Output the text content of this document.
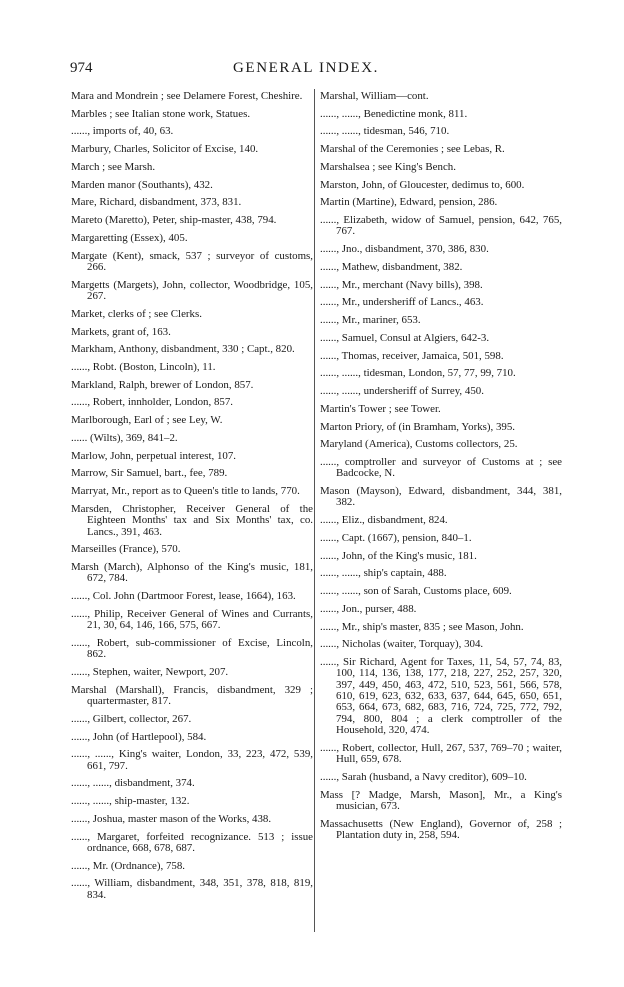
974	GENERAL INDEX.

Mara and Mondrein ; see Delamere Forest, Cheshire.

Marbles ; see Italian stone work, Statues.

......, imports of, 40, 63.

Marbury, Charles, Solicitor of Excise, 140.

March ; see Marsh.

Marden manor (Southants), 432.

Mare, Richard, disbandment, 373, 831.

Mareto (Maretto), Peter, ship-master, 438, 794.

Margaretting (Essex), 405.

Margate (Kent), smack, 537 ; surveyor of customs, 266.

Margetts (Margets), John, collector, Woodbridge, 105, 267.

Market, clerks of ; see Clerks.

Markets, grant of, 163.

Markham, Anthony, disbandment, 330 ; Capt., 820.

......, Robt. (Boston, Lincoln), 11.

Markland, Ralph, brewer of London, 857.

......, Robert, innholder, London, 857.

Marlborough, Earl of ; see Ley, W.

...... (Wilts), 369, 841–2.

Marlow, John, perpetual interest, 107.

Marrow, Sir Samuel, bart., fee, 789.

Marryat, Mr., report as to Queen's title to lands, 770.

Marsden, Christopher, Receiver General of the Eighteen Months' tax and Six Months' tax, co. Lancs., 391, 463.

Marseilles (France), 570.

Marsh (March), Alphonso of the King's music, 181, 672, 784.

......, Col. John (Dartmoor Forest, lease, 1664), 163.

......, Philip, Receiver General of Wines and Currants, 21, 30, 64, 146, 166, 575, 667.

......, Robert, sub-commissioner of Excise, Lincoln, 862.

......, Stephen, waiter, Newport, 207.

Marshal (Marshall), Francis, disbandment, 329 ; quartermaster, 817.

......, Gilbert, collector, 267.

......, John (of Hartlepool), 584.

......, ......, King's waiter, London, 33, 223, 472, 539, 661, 797.

......, ......, disbandment, 374.

......, ......, ship-master, 132.

......, Joshua, master mason of the Works, 438.

......, Margaret, forfeited recognizance. 513 ; issue ordnance, 668, 678, 687.

......, Mr. (Ordnance), 758.

......, William, disbandment, 348, 351, 378, 818, 819, 834.

Marshal, William—cont.

......, ......, Benedictine monk, 811.

......, ......, tidesman, 546, 710.

Marshal of the Ceremonies ; see Lebas, R.

Marshalsea ; see King's Bench.

Marston, John, of Gloucester, dedimus to, 600.

Martin (Martine), Edward, pension, 286.

......, Elizabeth, widow of Samuel, pension, 642, 765, 767.

......, Jno., disbandment, 370, 386, 830.

......, Mathew, disbandment, 382.

......, Mr., merchant (Navy bills), 398.

......, Mr., undersheriff of Lancs., 463.

......, Mr., mariner, 653.

......, Samuel, Consul at Algiers, 642-3.

......, Thomas, receiver, Jamaica, 501, 598.

......, ......, tidesman, London, 57, 77, 99, 710.

......, ......, undersheriff of Surrey, 450.

Martin's Tower ; see Tower.

Marton Priory, of (in Bramham, Yorks), 395.

Maryland (America), Customs collectors, 25.

......, comptroller and surveyor of Customs at ; see Badcocke, N.

Mason (Mayson), Edward, disbandment, 344, 381, 382.

......, Eliz., disbandment, 824.

......, Capt. (1667), pension, 840–1.

......, John, of the King's music, 181.

......, ......, ship's captain, 488.

......, ......, son of Sarah, Customs place, 609.

......, Jon., purser, 488.

......, Mr., ship's master, 835 ; see Mason, John.

......, Nicholas (waiter, Torquay), 304.

......, Sir Richard, Agent for Taxes, 11, 54, 57, 74, 83, 100, 114, 136, 138, 177, 218, 227, 252, 257, 320, 397, 449, 450, 463, 472, 510, 523, 561, 566, 578, 610, 619, 623, 632, 633, 637, 644, 645, 650, 651, 653, 664, 673, 682, 683, 716, 724, 725, 772, 792, 794, 800, 804 ; a clerk comptroller of the Household, 320, 474.

......, Robert, collector, Hull, 267, 537, 769–70 ; waiter, Hull, 659, 678.

......, Sarah (husband, a Navy creditor), 609–10.

Mass [? Madge, Marsh, Mason], Mr., a King's musician, 673.

Massachusetts (New England), Governor of, 258 ; Plantation duty in, 258, 594.
